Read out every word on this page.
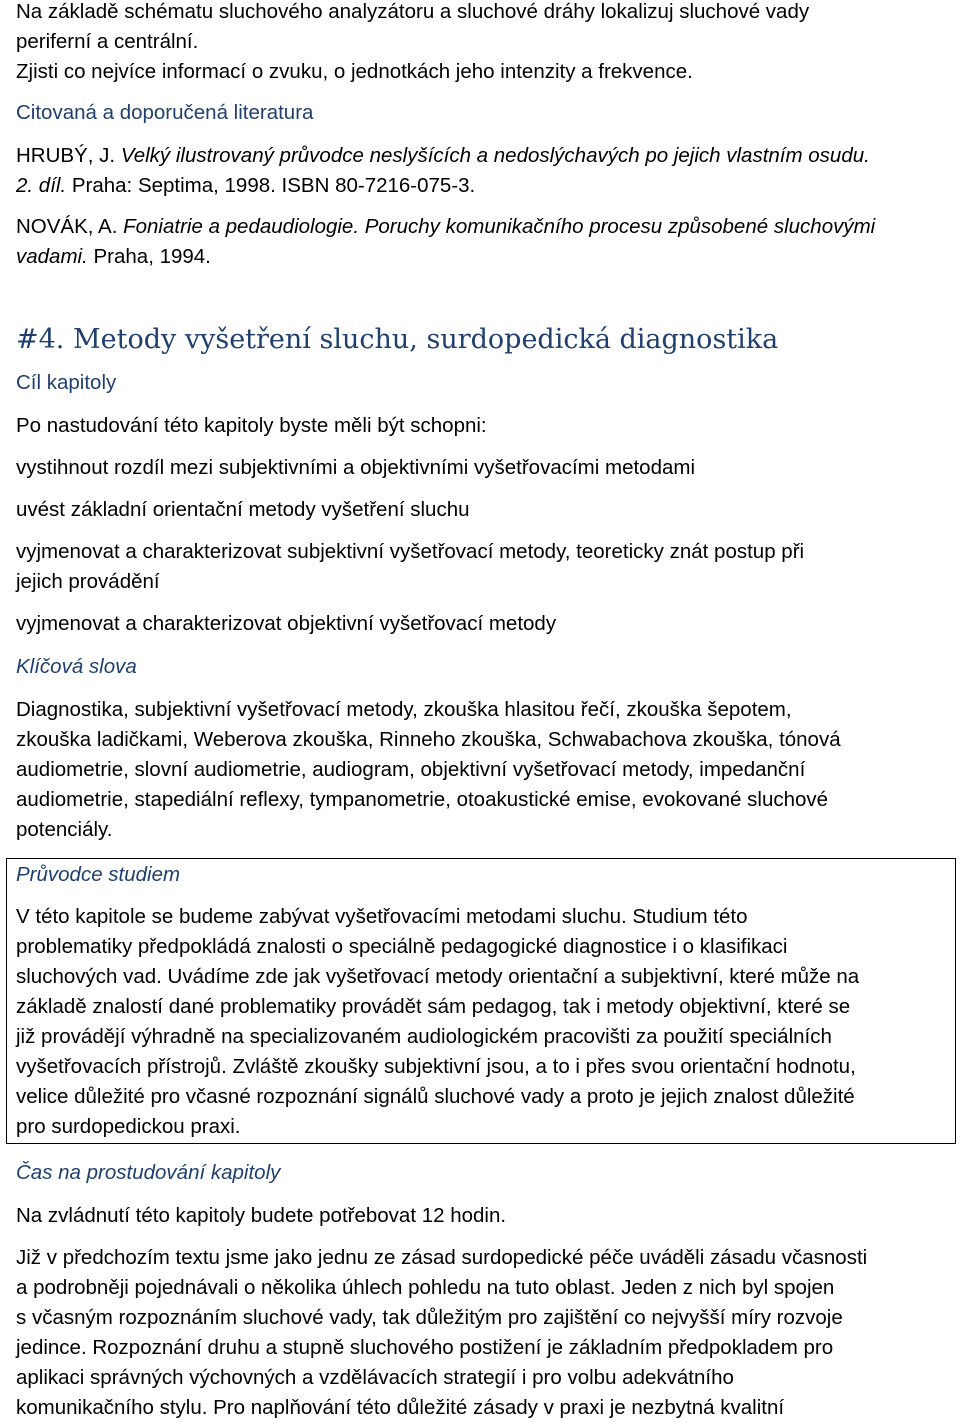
Na základě schématu sluchového analyzátoru a sluchové dráhy lokalizuj sluchové vady
periferní a centrální.
Zjisti co nejvíce informací o zvuku, o jednotkách jeho intenzity a frekvence.
Citovaná a doporučená literatura
HRUBÝ, J. Velký ilustrovaný průvodce neslyšících a nedoslýchavých po jejich vlastním osudu.
2. díl. Praha: Septima, 1998. ISBN 80-7216-075-3.
NOVÁK, A. Foniatrie a pedaudiologie. Poruchy komunikačního procesu způsobené sluchovými
vadami. Praha, 1994.
#4. Metody vyšetření sluchu, surdopedická diagnostika
Cíl kapitoly
Po nastudování této kapitoly byste měli být schopni:
vystihnout rozdíl mezi subjektivními a objektivními vyšetřovacími metodami
uvést základní orientační metody vyšetření sluchu
vyjmenovat a charakterizovat subjektivní vyšetřovací metody, teoreticky znát postup při
jejich provádění
vyjmenovat a charakterizovat objektivní vyšetřovací metody
Klíčová slova
Diagnostika, subjektivní vyšetřovací metody, zkouška hlasitou řečí, zkouška šepotem,
zkouška ladičkami, Weberova zkouška, Rinneho zkouška, Schwabachova zkouška, tónová
audiometrie, slovní audiometrie, audiogram, objektivní vyšetřovací metody, impedanční
audiometrie, stapediální reflexy, tympanometrie, otoakustické emise, evokované sluchové
potenciály.
Průvodce studiem
V této kapitole se budeme zabývat vyšetřovacími metodami sluchu. Studium této
problematiky předpokládá znalosti o speciálně pedagogické diagnostice i o klasifikaci
sluchových vad. Uvádíme zde jak vyšetřovací metody orientační a subjektivní, které může na
základě znalostí dané problematiky provádět sám pedagog, tak i metody objektivní, které se
již provádějí výhradně na specializovaném audiologickém pracovišti za použití speciálních
vyšetřovacích přístrojů. Zvláště zkoušky subjektivní jsou, a to i přes svou orientační hodnotu,
velice důležité pro včasné rozpoznání signálů sluchové vady a proto je jejich znalost důležité
pro surdopedickou praxi.
Čas na prostudování kapitoly
Na zvládnutí této kapitoly budete potřebovat 12 hodin.
Již v předchozím textu jsme jako jednu ze zásad surdopedické péče uváděli zásadu včasnosti
a podrobněji pojednávali o několika úhlech pohledu na tuto oblast. Jeden z nich byl spojen
s včasným rozpoznáním sluchové vady, tak důležitým pro zajištění co nejvyšší míry rozvoje
jedince. Rozpoznání druhu a stupně sluchového postižení je základním předpokladem pro
aplikaci správných výchovných a vzdělávacích strategií i pro volbu adekvátního
komunikačního stylu. Pro naplňování této důležité zásady v praxi je nezbytná kvalitní
